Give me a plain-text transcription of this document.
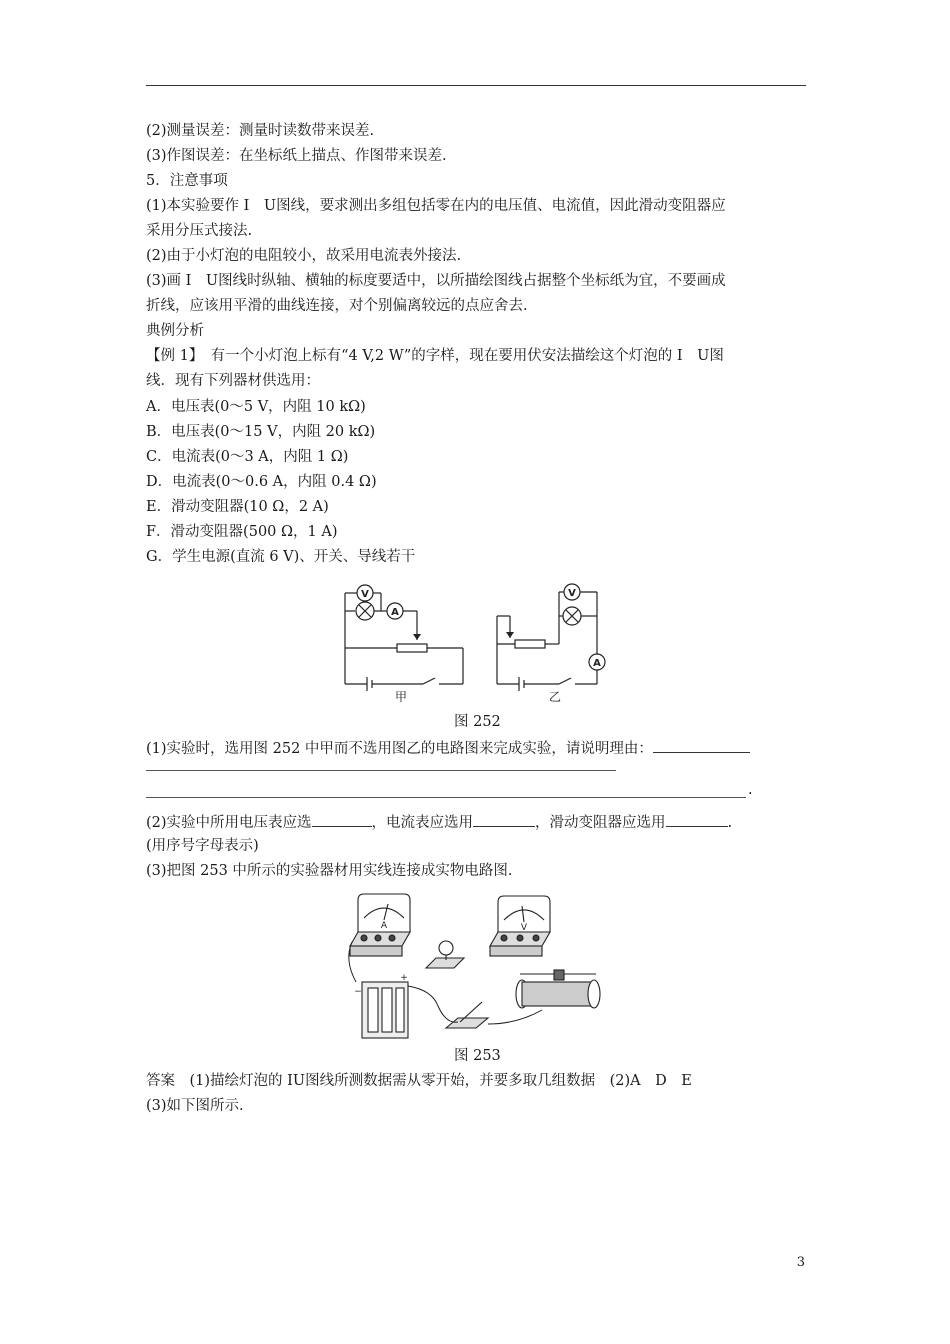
(2)测量误差：测量时读数带来误差.
(3)作图误差：在坐标纸上描点、作图带来误差.
5．注意事项
(1)本实验要作 I　U图线，要求测出多组包括零在内的电压值、电流值，因此滑动变阻器应
采用分压式接法.
(2)由于小灯泡的电阻较小，故采用电流表外接法.
(3)画 I　U图线时纵轴、横轴的标度要适中，以所描绘图线占据整个坐标纸为宜，不要画成
折线，应该用平滑的曲线连接，对个别偏离较远的点应舍去.
典例分析
【例 1】　有一个小灯泡上标有“4 V,2 W”的字样，现在要用伏安法描绘这个灯泡的 I　U图
线．现有下列器材供选用：
A．电压表(0～5 V，内阻 10 kΩ)
B．电压表(0～15 V，内阻 20 kΩ)
C．电流表(0～3 A，内阻 1 Ω)
D．电流表(0～0.6 A，内阻 0.4 Ω)
E．滑动变阻器(10 Ω，2 A)
F．滑动变阻器(500 Ω，1 A)
G．学生电源(直流 6 V)、开关、导线若干
V
A
V
A
甲	乙
图 252
(1)实验时，选用图 252 中甲而不选用图乙的电路图来完成实验，请说明理由：
.
(2)实验中所用电压表应选	，电流表应选用	，滑动变阻器应选用	.
(用序号字母表示)
(3)把图 253 中所示的实验器材用实线连接成实物电路图.
A	V
+
−
图 253
答案　(1)描绘灯泡的 IU图线所测数据需从零开始，并要多取几组数据　(2)A　D　E
(3)如下图所示.
3
